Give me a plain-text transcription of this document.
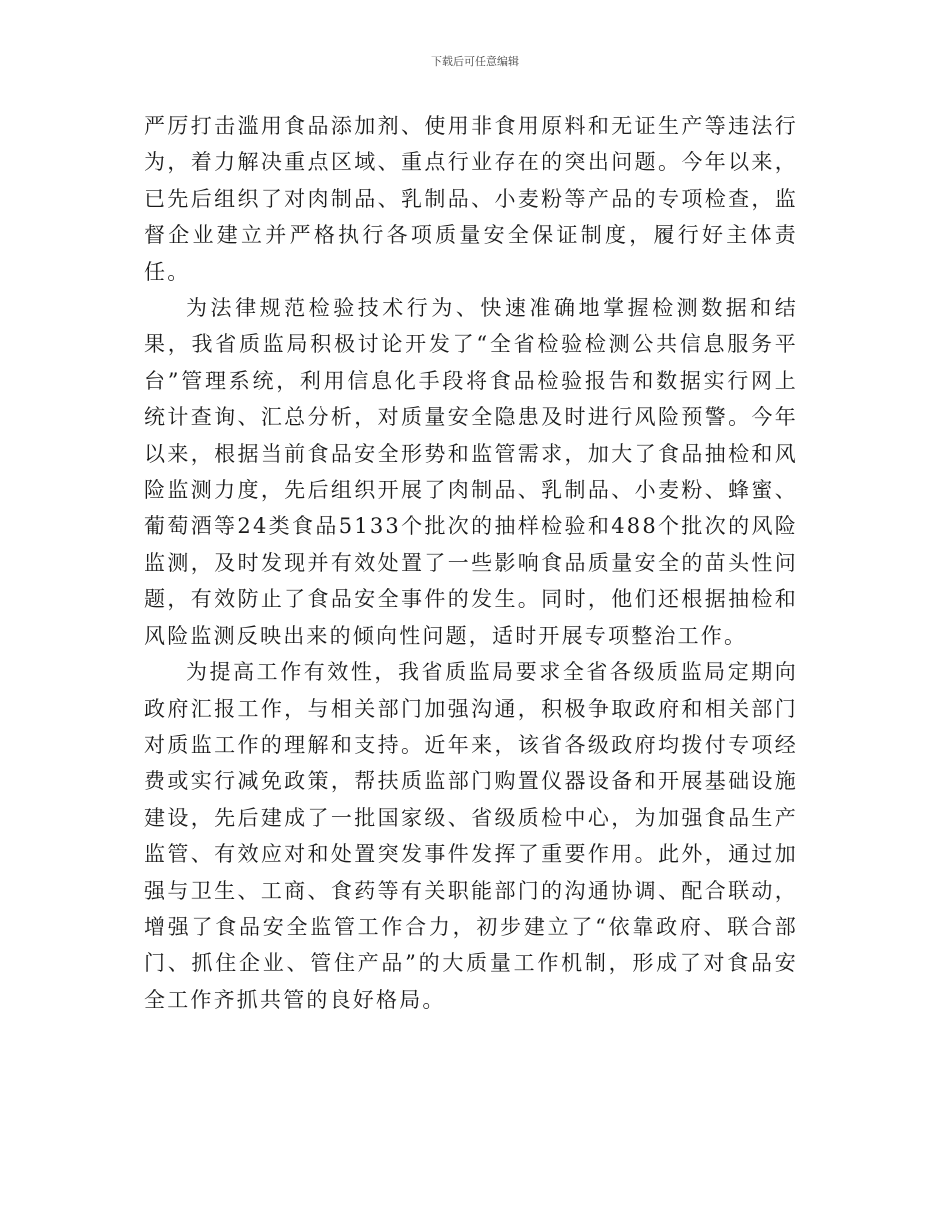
下载后可任意编辑

严厉打击滥用食品添加剂、使用非食用原料和无证生产等违法行为，着力解决重点区域、重点行业存在的突出问题。今年以来，已先后组织了对肉制品、乳制品、小麦粉等产品的专项检查，监督企业建立并严格执行各项质量安全保证制度，履行好主体责任。

为法律规范检验技术行为、快速准确地掌握检测数据和结果，我省质监局积极讨论开发了“全省检验检测公共信息服务平台”管理系统，利用信息化手段将食品检验报告和数据实行网上统计查询、汇总分析，对质量安全隐患及时进行风险预警。今年以来，根据当前食品安全形势和监管需求，加大了食品抽检和风险监测力度，先后组织开展了肉制品、乳制品、小麦粉、蜂蜜、葡萄酒等24类食品5133个批次的抽样检验和488个批次的风险监测，及时发现并有效处置了一些影响食品质量安全的苗头性问题，有效防止了食品安全事件的发生。同时，他们还根据抽检和风险监测反映出来的倾向性问题，适时开展专项整治工作。

为提高工作有效性，我省质监局要求全省各级质监局定期向政府汇报工作，与相关部门加强沟通，积极争取政府和相关部门对质监工作的理解和支持。近年来，该省各级政府均拨付专项经费或实行减免政策，帮扶质监部门购置仪器设备和开展基础设施建设，先后建成了一批国家级、省级质检中心，为加强食品生产监管、有效应对和处置突发事件发挥了重要作用。此外，通过加强与卫生、工商、食药等有关职能部门的沟通协调、配合联动，增强了食品安全监管工作合力，初步建立了“依靠政府、联合部门、抓住企业、管住产品”的大质量工作机制，形成了对食品安全工作齐抓共管的良好格局。
